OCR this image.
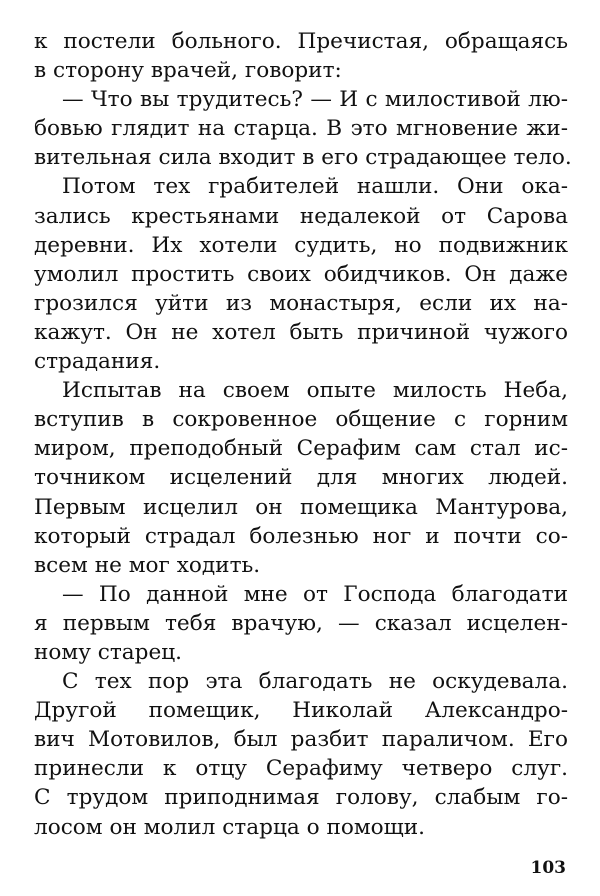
к постели больного. Пречистая, обращаясь
в сторону врачей, говорит:

— Что вы трудитесь? — И с милостивой лю-
бовью глядит на старца. В это мгновение жи-
вительная сила входит в его страдающее тело.

Потом тех грабителей нашли. Они ока-
зались крестьянами недалекой от Сарова
деревни. Их хотели судить, но подвижник
умолил простить своих обидчиков. Он даже
грозился уйти из монастыря, если их на-
кажут. Он не хотел быть причиной чужого
страдания.

Испытав на своем опыте милость Неба,
вступив в сокровенное общение с горним
миром, преподобный Серафим сам стал ис-
точником исцелений для многих людей.
Первым исцелил он помещика Мантурова,
который страдал болезнью ног и почти со-
всем не мог ходить.

— По данной мне от Господа благодати
я первым тебя врачую, — сказал исцелен-
ному старец.

С тех пор эта благодать не оскудевала.
Другой помещик, Николай Александро-
вич Мотовилов, был разбит параличом. Его
принесли к отцу Серафиму четверо слуг.
С трудом приподнимая голову, слабым го-
лосом он молил старца о помощи.

103
